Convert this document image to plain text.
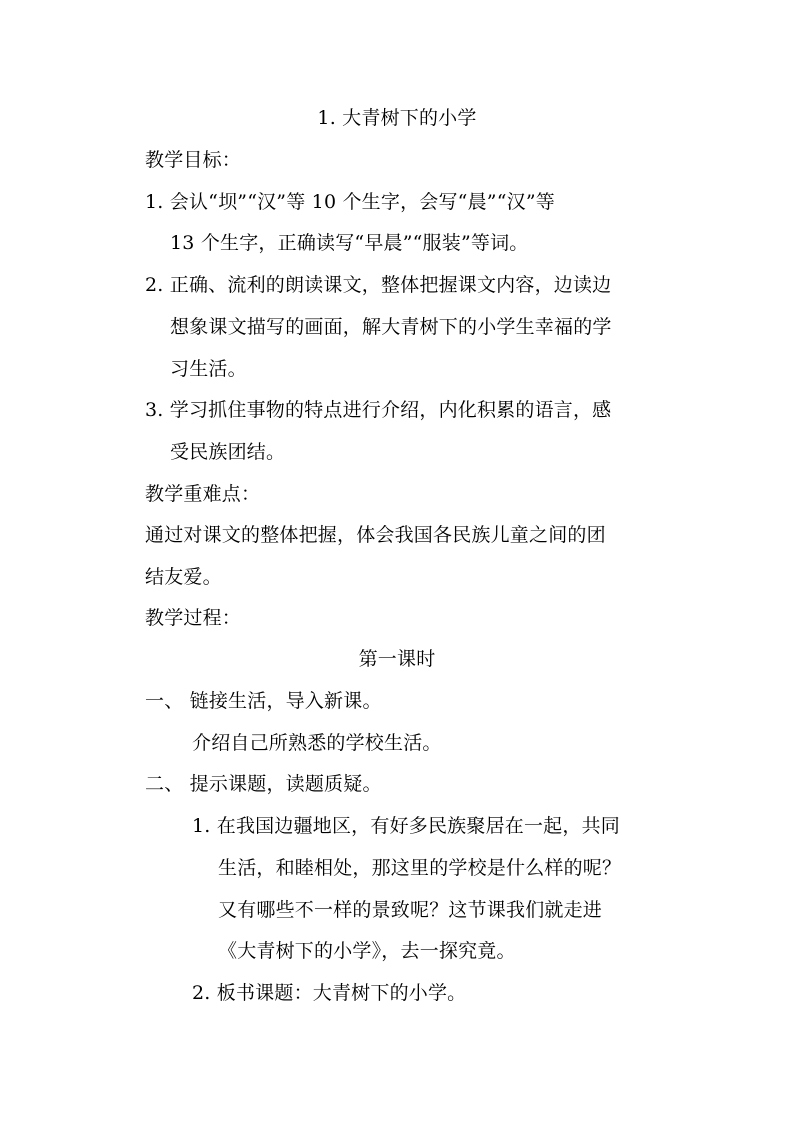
1. 大青树下的小学
教学目标：
1. 会认“坝”“汉”等 10 个生字，会写“晨”“汉”等
13 个生字，正确读写“早晨”“服装”等词。
2. 正确、流利的朗读课文，整体把握课文内容，边读边
想象课文描写的画面，解大青树下的小学生幸福的学
习生活。
3. 学习抓住事物的特点进行介绍，内化积累的语言，感
受民族团结。
教学重难点：
通过对课文的整体把握，体会我国各民族儿童之间的团
结友爱。
教学过程：
第一课时
一、 链接生活，导入新课。
介绍自己所熟悉的学校生活。
二、 提示课题，读题质疑。
1. 在我国边疆地区，有好多民族聚居在一起，共同
生活，和睦相处，那这里的学校是什么样的呢？
又有哪些不一样的景致呢？这节课我们就走进
《大青树下的小学》，去一探究竟。
2. 板书课题：大青树下的小学。
